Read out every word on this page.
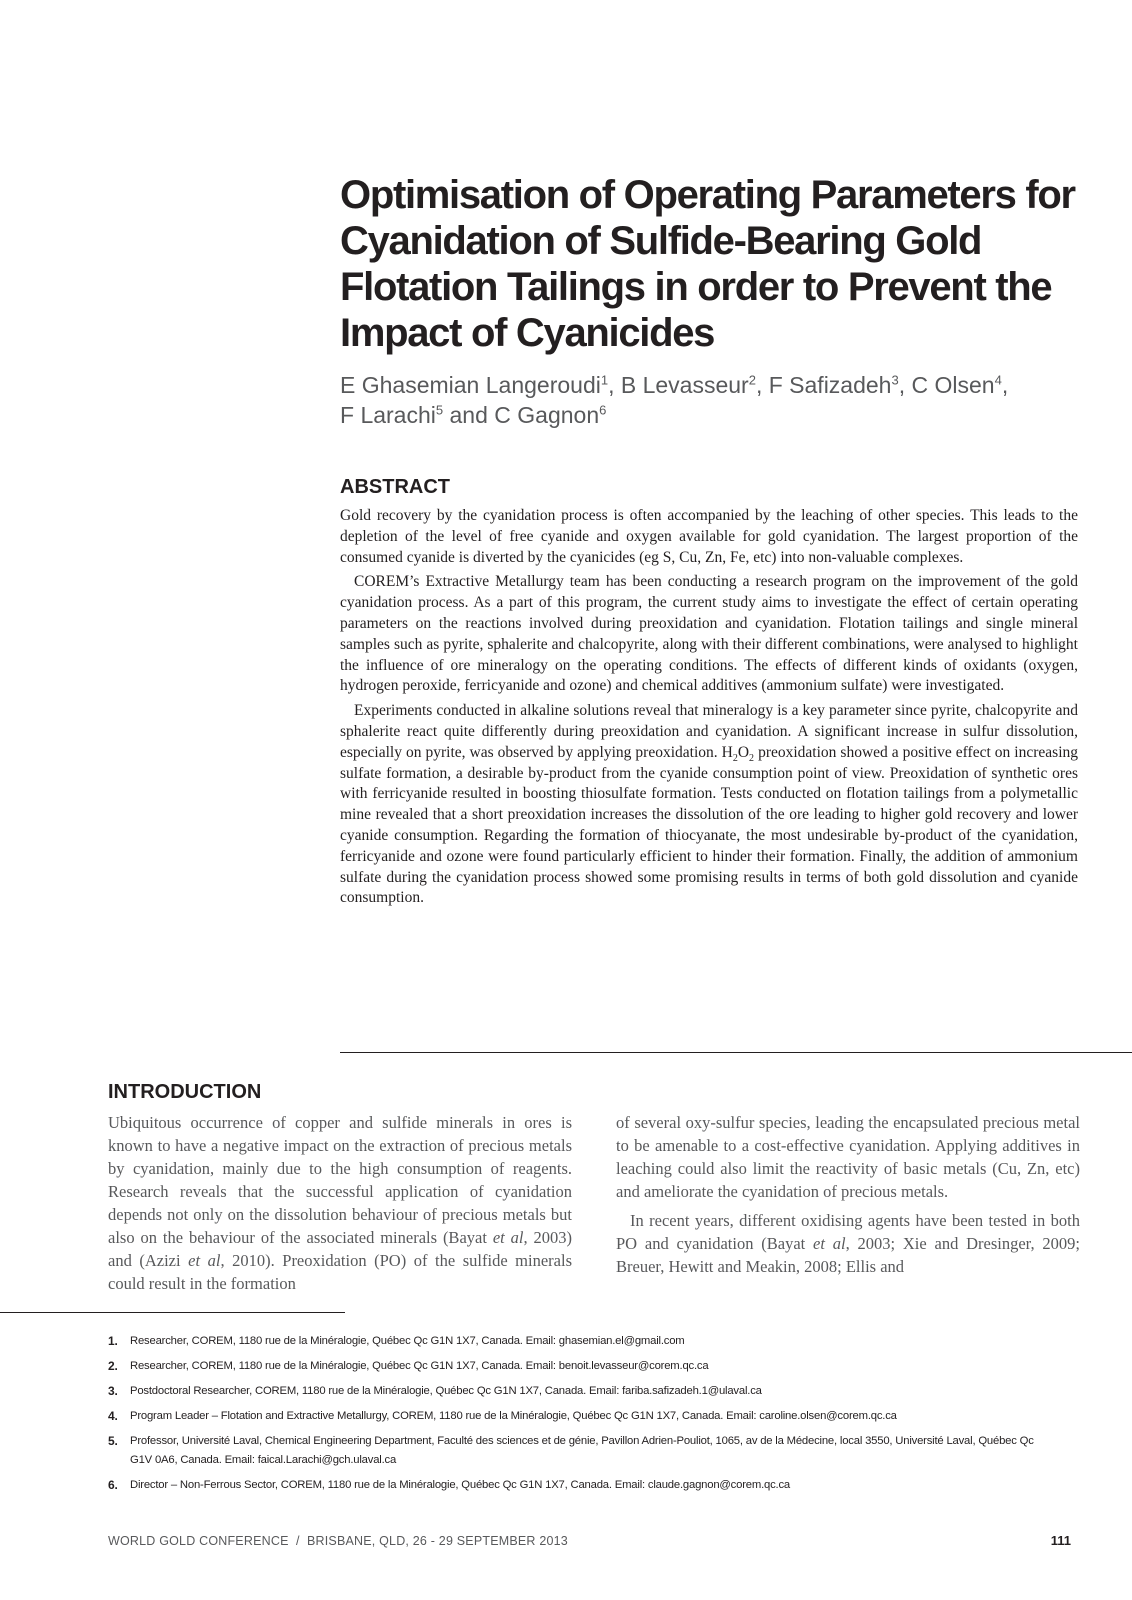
Optimisation of Operating Parameters for Cyanidation of Sulfide-Bearing Gold Flotation Tailings in order to Prevent the Impact of Cyanicides

E Ghasemian Langeroudi$^1$, B Levasseur$^2$, F Safizadeh$^3$, C Olsen$^4$,
F Larachi$^5$ and C Gagnon$^6$

ABSTRACT

Gold recovery by the cyanidation process is often accompanied by the leaching of other species. This leads to the depletion of the level of free cyanide and oxygen available for gold cyanidation. The largest proportion of the consumed cyanide is diverted by the cyanicides (eg S, Cu, Zn, Fe, etc) into non-valuable complexes.

COREM’s Extractive Metallurgy team has been conducting a research program on the improvement of the gold cyanidation process. As a part of this program, the current study aims to investigate the effect of certain operating parameters on the reactions involved during preoxidation and cyanidation. Flotation tailings and single mineral samples such as pyrite, sphalerite and chalcopyrite, along with their different combinations, were analysed to highlight the influence of ore mineralogy on the operating conditions. The effects of different kinds of oxidants (oxygen, hydrogen peroxide, ferricyanide and ozone) and chemical additives (ammonium sulfate) were investigated.

Experiments conducted in alkaline solutions reveal that mineralogy is a key parameter since pyrite, chalcopyrite and sphalerite react quite differently during preoxidation and cyanidation. A significant increase in sulfur dissolution, especially on pyrite, was observed by applying preoxidation. $H_2O_2$ preoxidation showed a positive effect on increasing sulfate formation, a desirable by-product from the cyanide consumption point of view. Preoxidation of synthetic ores with ferricyanide resulted in boosting thiosulfate formation. Tests conducted on flotation tailings from a polymetallic mine revealed that a short preoxidation increases the dissolution of the ore leading to higher gold recovery and lower cyanide consumption. Regarding the formation of thiocyanate, the most undesirable by-product of the cyanidation, ferricyanide and ozone were found particularly efficient to hinder their formation. Finally, the addition of ammonium sulfate during the cyanidation process showed some promising results in terms of both gold dissolution and cyanide consumption.

INTRODUCTION

Ubiquitous occurrence of copper and sulfide minerals in ores is known to have a negative impact on the extraction of precious metals by cyanidation, mainly due to the high consumption of reagents. Research reveals that the successful application of cyanidation depends not only on the dissolution behaviour of precious metals but also on the behaviour of the associated minerals (Bayat et al, 2003) and (Azizi et al, 2010). Preoxidation (PO) of the sulfide minerals could result in the formation

of several oxy-sulfur species, leading the encapsulated precious metal to be amenable to a cost-effective cyanidation. Applying additives in leaching could also limit the reactivity of basic metals (Cu, Zn, etc) and ameliorate the cyanidation of precious metals.

In recent years, different oxidising agents have been tested in both PO and cyanidation (Bayat et al, 2003; Xie and Dresinger, 2009; Breuer, Hewitt and Meakin, 2008; Ellis and

1. Researcher, COREM, 1180 rue de la Minéralogie, Québec Qc G1N 1X7, Canada. Email: ghasemian.el@gmail.com
2. Researcher, COREM, 1180 rue de la Minéralogie, Québec Qc G1N 1X7, Canada. Email: benoit.levasseur@corem.qc.ca
3. Postdoctoral Researcher, COREM, 1180 rue de la Minéralogie, Québec Qc G1N 1X7, Canada. Email: fariba.safizadeh.1@ulaval.ca
4. Program Leader – Flotation and Extractive Metallurgy, COREM, 1180 rue de la Minéralogie, Québec Qc G1N 1X7, Canada. Email: caroline.olsen@corem.qc.ca
5. Professor, Université Laval, Chemical Engineering Department, Faculté des sciences et de génie, Pavillon Adrien-Pouliot, 1065, av de la Médecine, local 3550, Université Laval, Québec Qc G1V 0A6, Canada. Email: faical.Larachi@gch.ulaval.ca
6. Director – Non-Ferrous Sector, COREM, 1180 rue de la Minéralogie, Québec Qc G1N 1X7, Canada. Email: claude.gagnon@corem.qc.ca
WORLD GOLD CONFERENCE  /  BRISBANE, QLD, 26 - 29 SEPTEMBER 2013	111
